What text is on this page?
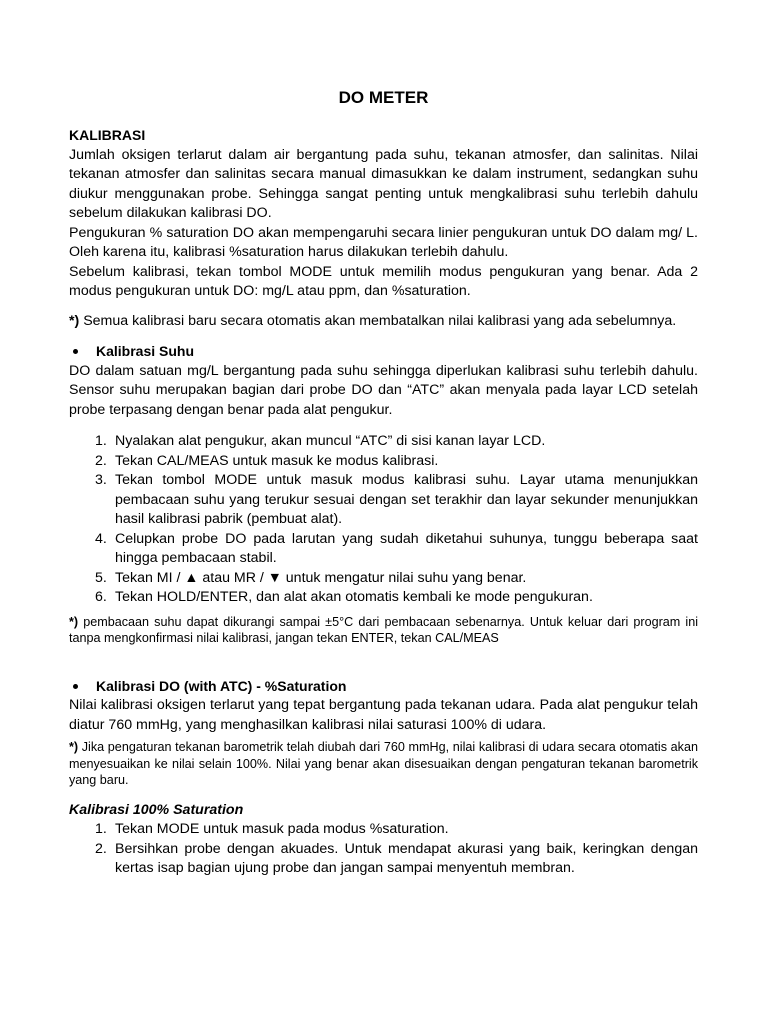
DO METER
KALIBRASI

Jumlah oksigen terlarut dalam air bergantung pada suhu, tekanan atmosfer, dan salinitas. Nilai tekanan atmosfer dan salinitas secara manual dimasukkan ke dalam instrument, sedangkan suhu diukur menggunakan probe. Sehingga sangat penting untuk mengkalibrasi suhu terlebih dahulu sebelum dilakukan kalibrasi DO.

Pengukuran % saturation DO akan mempengaruhi secara linier pengukuran untuk DO dalam mg/ L. Oleh karena itu, kalibrasi %saturation harus dilakukan terlebih dahulu.

Sebelum kalibrasi, tekan tombol MODE untuk memilih modus pengukuran yang benar. Ada 2 modus pengukuran untuk DO: mg/L atau ppm, dan %saturation.

*) Semua kalibrasi baru secara otomatis akan membatalkan nilai kalibrasi yang ada sebelumnya.

Kalibrasi Suhu

DO dalam satuan mg/L bergantung pada suhu sehingga diperlukan kalibrasi suhu terlebih dahulu. Sensor suhu merupakan bagian dari probe DO dan “ATC” akan menyala pada layar LCD setelah probe terpasang dengan benar pada alat pengukur.

1. Nyalakan alat pengukur, akan muncul “ATC” di sisi kanan layar LCD.
2. Tekan CAL/MEAS untuk masuk ke modus kalibrasi.
3. Tekan tombol MODE untuk masuk modus kalibrasi suhu. Layar utama menunjukkan pembacaan suhu yang terukur sesuai dengan set terakhir dan layar sekunder menunjukkan hasil kalibrasi pabrik (pembuat alat).
4. Celupkan probe DO pada larutan yang sudah diketahui suhunya, tunggu beberapa saat hingga pembacaan stabil.
5. Tekan MI / ▲ atau MR / ▼ untuk mengatur nilai suhu yang benar.
6. Tekan HOLD/ENTER, dan alat akan otomatis kembali ke mode pengukuran.

*) pembacaan suhu dapat dikurangi sampai ±5°C dari pembacaan sebenarnya. Untuk keluar dari program ini tanpa mengkonfirmasi nilai kalibrasi, jangan tekan ENTER, tekan CAL/MEAS

Kalibrasi DO (with ATC) - %Saturation

Nilai kalibrasi oksigen terlarut yang tepat bergantung pada tekanan udara. Pada alat pengukur telah diatur 760 mmHg, yang menghasilkan kalibrasi nilai saturasi 100% di udara.

*) Jika pengaturan tekanan barometrik telah diubah dari 760 mmHg, nilai kalibrasi di udara secara otomatis akan menyesuaikan ke nilai selain 100%. Nilai yang benar akan disesuaikan dengan pengaturan tekanan barometrik yang baru.

Kalibrasi 100% Saturation
1. Tekan MODE untuk masuk pada modus %saturation.
2. Bersihkan probe dengan akuades. Untuk mendapat akurasi yang baik, keringkan dengan kertas isap bagian ujung probe dan jangan sampai menyentuh membran.
